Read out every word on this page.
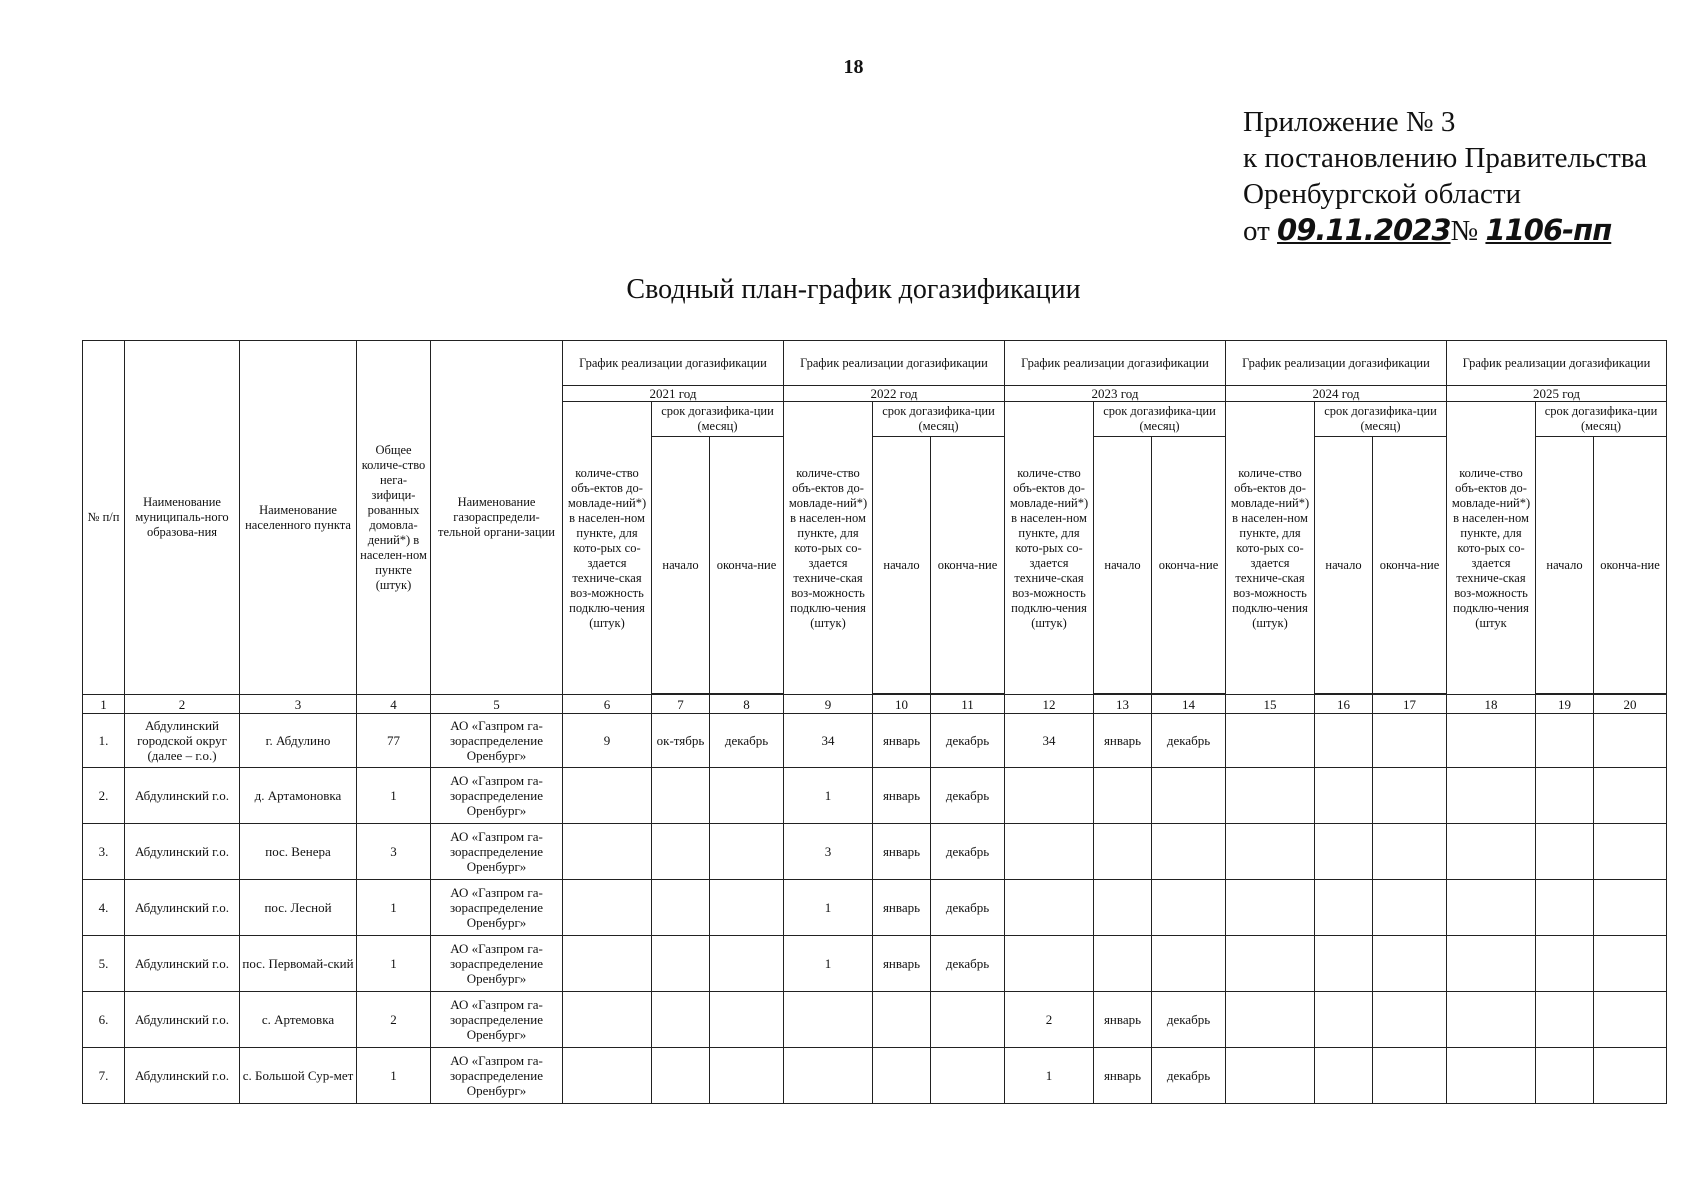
18
Приложение № 3
к постановлению Правительства
Оренбургской области
от 09.11.2023№ 1106-пп
Сводный план-график догазификации
№ п/п	Наименование муниципаль-ного образова-ния	Наименование населенного пункта	Общее количе-ство нега-зифици-рованных домовла-дений*) в населен-ном пункте (штук)	Наименование газораспредели-тельной органи-зации	График реализации догазификации			График реализации догазификации			График реализации догазификации			График реализации догазификации			График реализации догазификации		
					2021 год			2022 год			2023 год			2024 год			2025 год		
					количе-ство объ-ектов до-мовладе-ний*) в населен-ном пункте, для кото-рых со-здается техниче-ская воз-можность подклю-чения (штук)	срок догазифика-ции (месяц)		количе-ство объ-ектов до-мовладе-ний*) в населен-ном пункте, для кото-рых со-здается техниче-ская воз-можность подклю-чения (штук)	срок догазифика-ции (месяц)		количе-ство объ-ектов до-мовладе-ний*) в населен-ном пункте, для кото-рых со-здается техниче-ская воз-можность подклю-чения (штук)	срок догазифика-ции (месяц)		количе-ство объ-ектов до-мовладе-ний*) в населен-ном пункте, для кото-рых со-здается техниче-ская воз-можность подклю-чения (штук)	срок догазифика-ции (месяц)		количе-ство объ-ектов до-мовладе-ний*) в населен-ном пункте, для кото-рых со-здается техниче-ская воз-можность подклю-чения (штук	срок догазифика-ции (месяц)	
						начало	оконча-ние		начало	оконча-ние		начало	оконча-ние		начало	оконча-ние		начало	оконча-ние

1	2	3	4	5	6	7	8	9	10	11	12	13	14	15	16	17	18	19	20
1.	Абдулинский городской округ (далее – г.о.)	г. Абдулино	77	АО «Газпром га-зораспределение Оренбург»	9	ок-тябрь	декабрь	34	январь	декабрь	34	январь	декабрь						
2.	Абдулинский г.о.	д. Артамоновка	1	АО «Газпром га-зораспределение Оренбург»				1	январь	декабрь									
3.	Абдулинский г.о.	пос. Венера	3	АО «Газпром га-зораспределение Оренбург»				3	январь	декабрь									
4.	Абдулинский г.о.	пос. Лесной	1	АО «Газпром га-зораспределение Оренбург»				1	январь	декабрь									
5.	Абдулинский г.о.	пос. Первомай-ский	1	АО «Газпром га-зораспределение Оренбург»				1	январь	декабрь									
6.	Абдулинский г.о.	с. Артемовка	2	АО «Газпром га-зораспределение Оренбург»							2	январь	декабрь						
7.	Абдулинский г.о.	с. Большой Сур-мет	1	АО «Газпром га-зораспределение Оренбург»							1	январь	декабрь						
